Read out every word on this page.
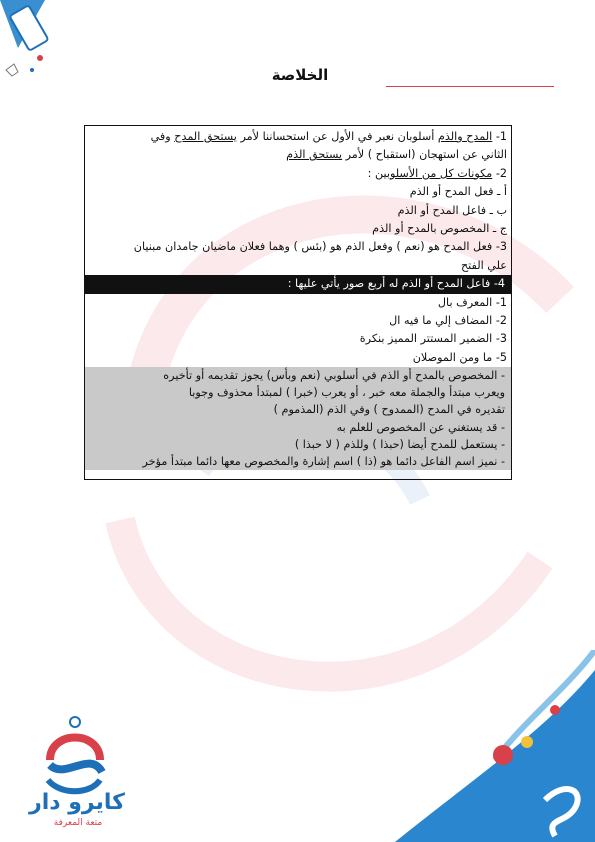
الخلاصة
1- المدح والذم أسلوبان نعبر في الأول عن استحساننا لأمر يستحق المدح وفي
الثاني عن استهجان (استقباح ) لأمر يستحق الذم
2- مكونات كل من الأسلوبين :
أ ـ فعل المدح أو الذم
ب ـ فاعل المدح أو الذم
ج ـ المخصوص بالمدح أو الذم
3- فعل المدح هو (نعم ) وفعل الذم هو (بئس ) وهما فعلان ماضيان جامدان مبنيان
علي الفتح
4- فاعل المدح أو الذم له أربع صور يأتي عليها :
1- المعرف بال
2- المضاف إلي ما فيه ال
3- الضمير المستتر المميز بنكرة
5- ما ومن الموصلان
- المخصوص بالمدح أو الذم في أسلوبي (نعم وبأس) يجوز تقديمه أو تأخيره
ويعرب مبتدأ والجملة معه خبر ، أو يعرب (خبرا ) لمبتدأ محذوف وجوبا
تقديره في المدح (الممدوح ) وفي الذم (المذموم )
- قد يستغني عن المخصوص للعلم به
- يستعمل للمدح أيضا (حبذا ) وللذم ( لا حبذا )
- نميز اسم الفاعل دائما هو (ذا ) اسم إشارة والمخصوص معها دائما مبتدأ مؤخر
كايرو دار
متعة المعرفة
